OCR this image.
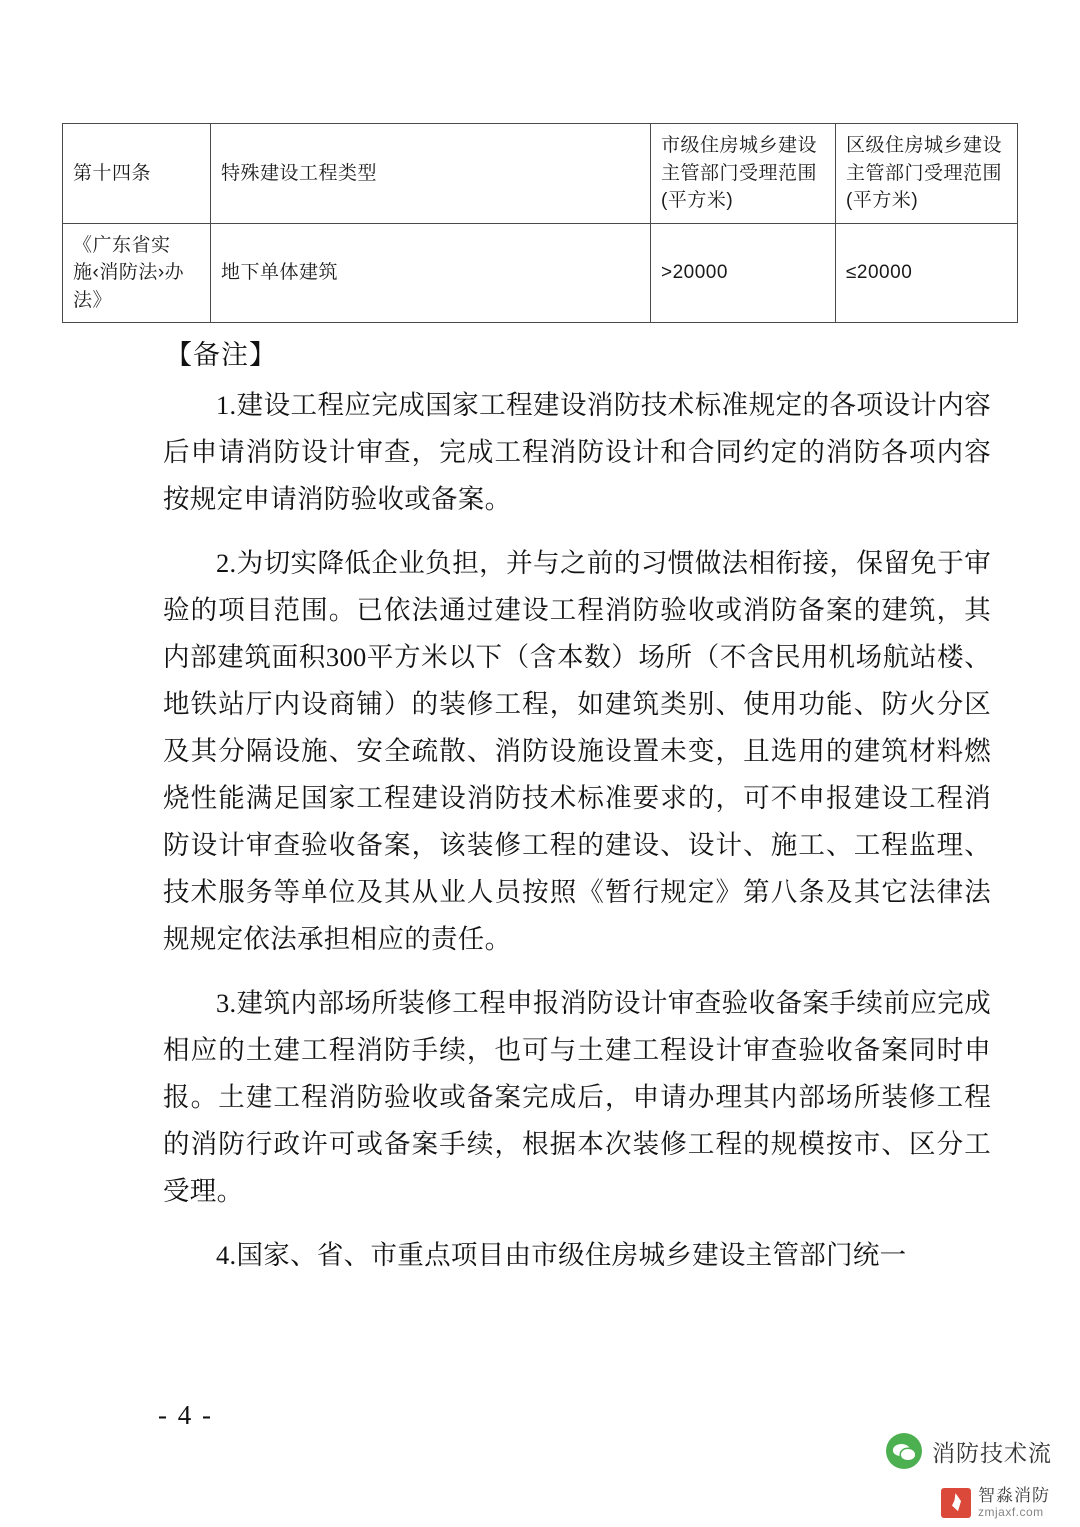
第十四条	特殊建设工程类型	市级住房城乡建设主管部门受理范围(平方米)	区级住房城乡建设主管部门受理范围(平方米)
《广东省实施‹消防法›办法》	地下单体建筑	>20000	≤20000
【备注】

1.建设工程应完成国家工程建设消防技术标准规定的各项设计内容后申请消防设计审查，完成工程消防设计和合同约定的消防各项内容按规定申请消防验收或备案。

2.为切实降低企业负担，并与之前的习惯做法相衔接，保留免于审验的项目范围。已依法通过建设工程消防验收或消防备案的建筑，其内部建筑面积300平方米以下（含本数）场所（不含民用机场航站楼、地铁站厅内设商铺）的装修工程，如建筑类别、使用功能、防火分区及其分隔设施、安全疏散、消防设施设置未变，且选用的建筑材料燃烧性能满足国家工程建设消防技术标准要求的，可不申报建设工程消防设计审查验收备案，该装修工程的建设、设计、施工、工程监理、技术服务等单位及其从业人员按照《暂行规定》第八条及其它法律法规规定依法承担相应的责任。

3.建筑内部场所装修工程申报消防设计审查验收备案手续前应完成相应的土建工程消防手续，也可与土建工程设计审查验收备案同时申报。土建工程消防验收或备案完成后，申请办理其内部场所装修工程的消防行政许可或备案手续，根据本次装修工程的规模按市、区分工受理。

4.国家、省、市重点项目由市级住房城乡建设主管部门统一

- 4 -
消防技术流
智淼消防
zmjaxf.com
